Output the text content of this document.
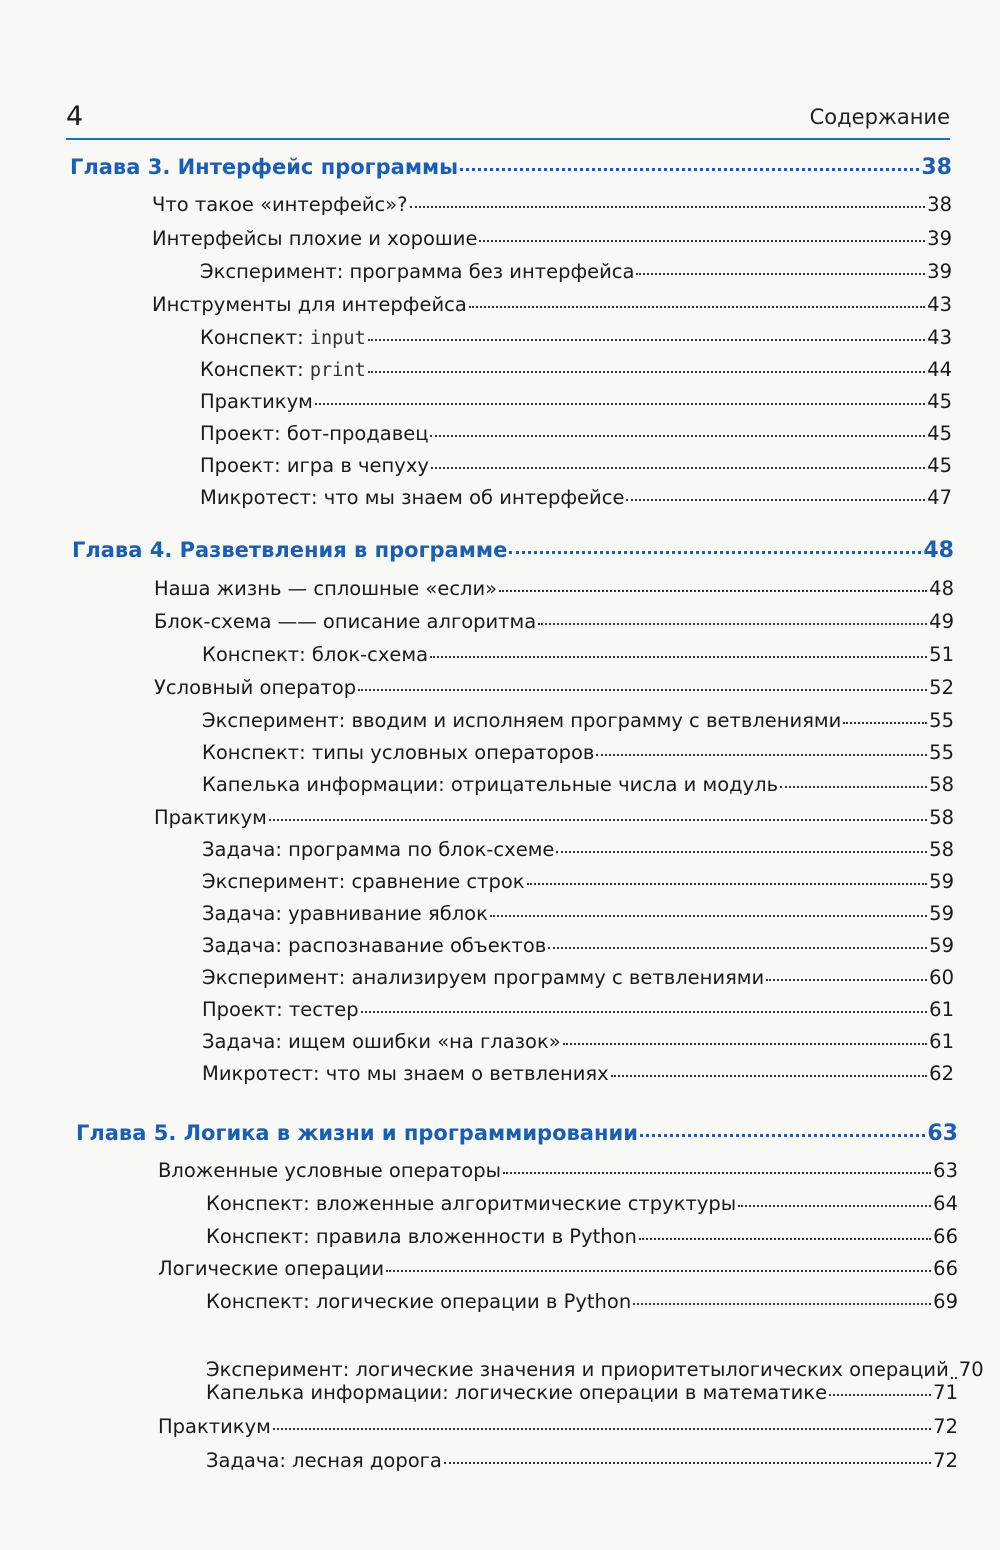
4	Содержание
Глава 3. Интерфейс программы	38
Что такое «интерфейс»?	38
Интерфейсы плохие и хорошие	39
Эксперимент: программа без интерфейса	39
Инструменты для интерфейса	43
Конспект: input	43
Конспект: print	44
Практикум	45
Проект: бот-продавец	45
Проект: игра в чепуху	45
Микротест: что мы знаем об интерфейсе	47
Глава 4. Разветвления в программе	48
Наша жизнь — сплошные «если»	48
Блок-схема —— описание алгоритма	49
Конспект: блок-схема	51
Условный оператор	52
Эксперимент: вводим и исполняем программу с ветвлениями	55
Конспект: типы условных операторов	55
Капелька информации: отрицательные числа и модуль	58
Практикум	58
Задача: программа по блок-схеме	58
Эксперимент: сравнение строк	59
Задача: уравнивание яблок	59
Задача: распознавание объектов	59
Эксперимент: анализируем программу с ветвлениями	60
Проект: тестер	61
Задача: ищем ошибки «на глазок»	61
Микротест: что мы знаем о ветвлениях	62
Глава 5. Логика в жизни и программировании	63
Вложенные условные операторы	63
Конспект: вложенные алгоритмические структуры	64
Конспект: правила вложенности в Python	66
Логические операции	66
Конспект: логические операции в Python	69
Эксперимент: логические значения и приоритеты логических операций 70
Капелька информации: логические операции в математике	71
Практикум	72
Задача: лесная дорога	72
